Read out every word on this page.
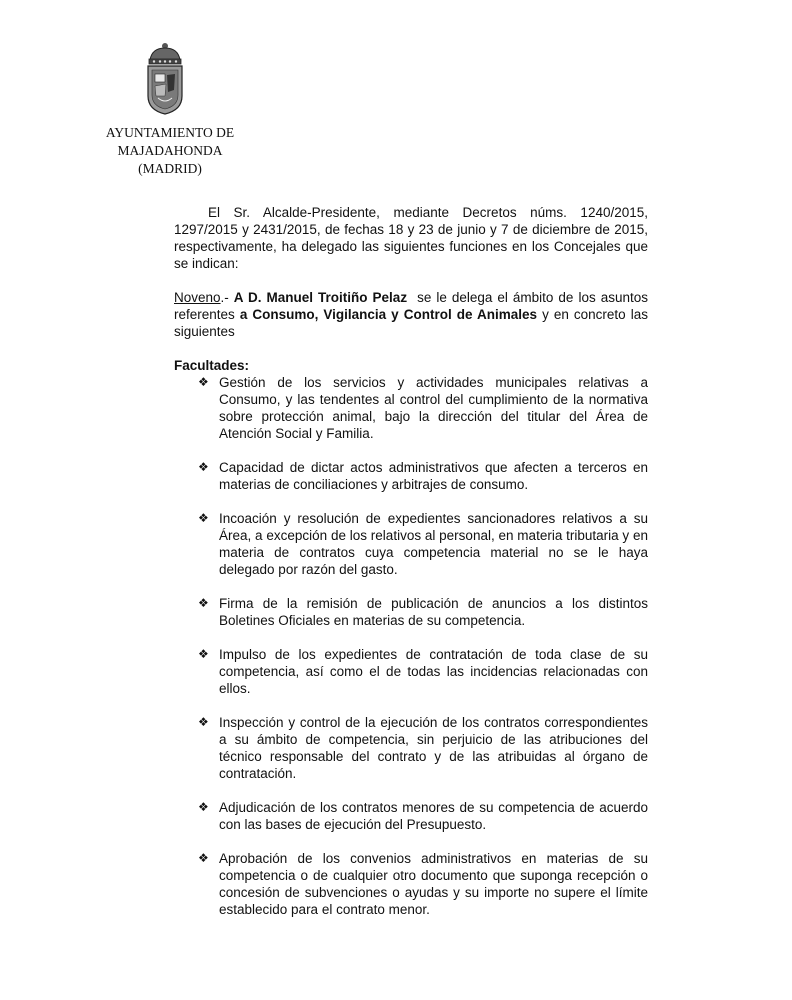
AYUNTAMIENTO DE
MAJADAHONDA
(MADRID)

El Sr. Alcalde-Presidente, mediante Decretos núms. 1240/2015, 1297/2015 y 2431/2015, de fechas 18 y 23 de junio y 7 de diciembre de 2015, respectivamente, ha delegado las siguientes funciones en los Concejales que se indican:

Noveno.- A D. Manuel Troitiño Pelaz  se le delega el ámbito de los asuntos referentes a Consumo, Vigilancia y Control de Animales y en concreto las siguientes

Facultades:

❖ Gestión de los servicios y actividades municipales relativas a Consumo, y las tendentes al control del cumplimiento de la normativa sobre protección animal, bajo la dirección del titular del Área de Atención Social y Familia.
❖ Capacidad de dictar actos administrativos que afecten a terceros en materias de conciliaciones y arbitrajes de consumo.
❖ Incoación y resolución de expedientes sancionadores relativos a su Área, a excepción de los relativos al personal, en materia tributaria y en materia de contratos cuya competencia material no se le haya delegado por razón del gasto.
❖ Firma de la remisión de publicación de anuncios a los distintos Boletines Oficiales en materias de su competencia.
❖ Impulso de los expedientes de contratación de toda clase de su competencia, así como el de todas las incidencias relacionadas con ellos.
❖ Inspección y control de la ejecución de los contratos correspondientes a su ámbito de competencia, sin perjuicio de las atribuciones del técnico responsable del contrato y de las atribuidas al órgano de contratación.
❖ Adjudicación de los contratos menores de su competencia de acuerdo con las bases de ejecución del Presupuesto.
❖ Aprobación de los convenios administrativos en materias de su competencia o de cualquier otro documento que suponga recepción o concesión de subvenciones o ayudas y su importe no supere el límite establecido para el contrato menor.
